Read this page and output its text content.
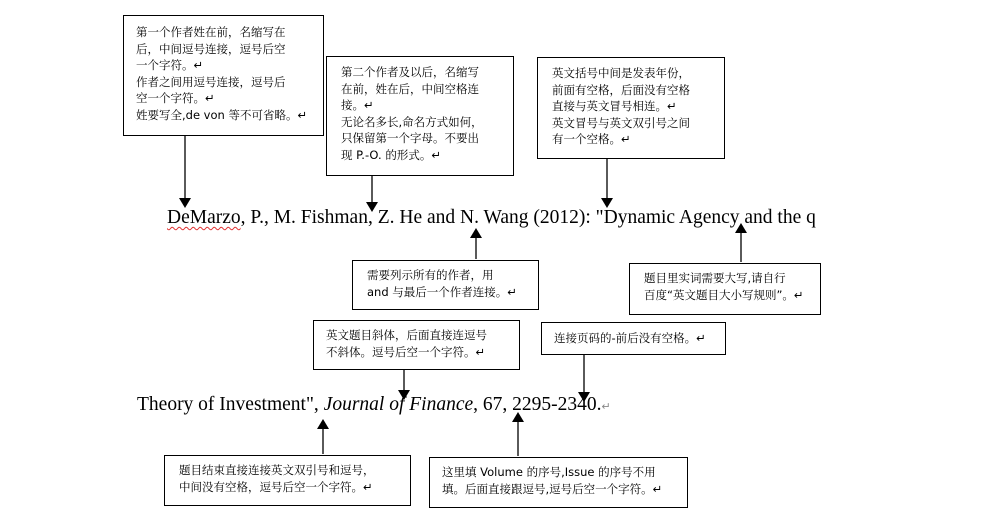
第一个作者姓在前，名缩写在
后，中间逗号连接，逗号后空
一个字符。↵
作者之间用逗号连接，逗号后
空一个字符。↵
姓要写全,de von 等不可省略。↵
第二个作者及以后，名缩写
在前，姓在后，中间空格连
接。↵
无论名多长,命名方式如何，
只保留第一个字母。不要出
现 P.-O. 的形式。↵
英文括号中间是发表年份，
前面有空格，后面没有空格
直接与英文冒号相连。↵
英文冒号与英文双引号之间
有一个空格。↵
DeMarzo, P., M. Fishman, Z. He and N. Wang (2012): "Dynamic Agency and the q
需要列示所有的作者，用
and 与最后一个作者连接。↵
题目里实词需要大写,请自行
百度“英文题目大小写规则”。↵
英文题目斜体，后面直接连逗号
不斜体。逗号后空一个字符。↵
连接页码的-前后没有空格。↵
Theory of Investment", Journal of Finance, 67, 2295-2340.↵
题目结束直接连接英文双引号和逗号，
中间没有空格，逗号后空一个字符。↵
这里填 Volume 的序号,Issue 的序号不用
填。后面直接跟逗号,逗号后空一个字符。↵
